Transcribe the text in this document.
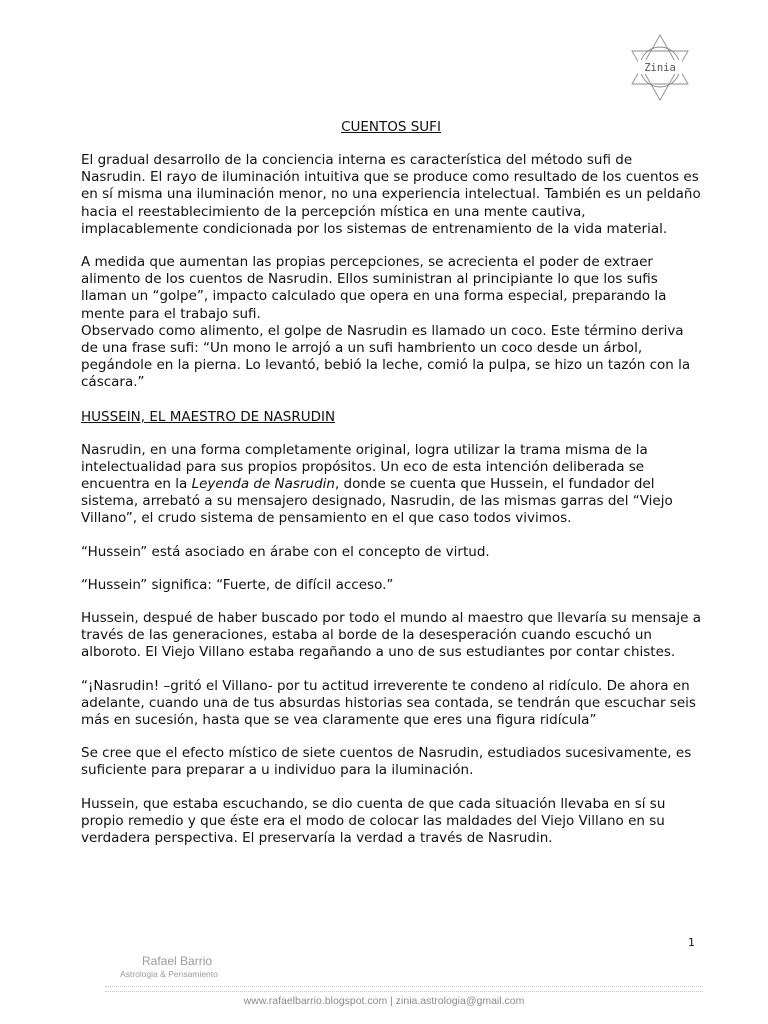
Zinia
CUENTOS SUFI

El gradual desarrollo de la conciencia interna es característica del método sufi de Nasrudin. El rayo de iluminación intuitiva que se produce como resultado de los cuentos es en sí misma una iluminación menor, no una experiencia intelectual. También es un peldaño hacia el reestablecimiento de la percepción mística en una mente cautiva, implacablemente condicionada por los sistemas de entrenamiento de la vida material.

A medida que aumentan las propias percepciones, se acrecienta el poder de extraer alimento de los cuentos de Nasrudin. Ellos suministran al principiante lo que los sufis llaman un “golpe”, impacto calculado que opera en una forma especial, preparando la mente para el trabajo sufi.

Observado como alimento, el golpe de Nasrudin es llamado un coco. Este término deriva de una frase sufi: “Un mono le arrojó a un sufi hambriento un coco desde un árbol, pegándole en la pierna. Lo levantó, bebió la leche, comió la pulpa, se hizo un tazón con la cáscara.”

HUSSEIN, EL MAESTRO DE NASRUDIN

Nasrudin, en una forma completamente original, logra utilizar la trama misma de la intelectualidad para sus propios propósitos. Un eco de esta intención deliberada se encuentra en la Leyenda de Nasrudin, donde se cuenta que Hussein, el fundador del sistema, arrebató a su mensajero designado, Nasrudin, de las mismas garras del “Viejo Villano”, el crudo sistema de pensamiento en el que caso todos vivimos.

“Hussein” está asociado en árabe con el concepto de virtud.

“Hussein” significa: “Fuerte, de difícil acceso.”

Hussein, despué de haber buscado por todo el mundo al maestro que llevaría su mensaje a través de las generaciones, estaba al borde de la desesperación cuando escuchó un alboroto. El Viejo Villano estaba regañando a uno de sus estudiantes por contar chistes.

“¡Nasrudin! –gritó el Villano- por tu actitud irreverente te condeno al ridículo. De ahora en adelante, cuando una de tus absurdas historias sea contada, se tendrán que escuchar seis más en sucesión, hasta que se vea claramente que eres una figura ridícula”

Se cree que el efecto místico de siete cuentos de Nasrudin, estudiados sucesivamente, es suficiente para preparar a u individuo para la iluminación.

Hussein, que estaba escuchando, se dio cuenta de que cada situación llevaba en sí su propio remedio y que éste era el modo de colocar las maldades del Viejo Villano en su verdadera perspectiva. El preservaría la verdad a través de Nasrudin.

1
Rafael Barrio
Astrologia & Pensamiento
www.rafaelbarrio.blogspot.com | zinia.astrologia@gmail.com
